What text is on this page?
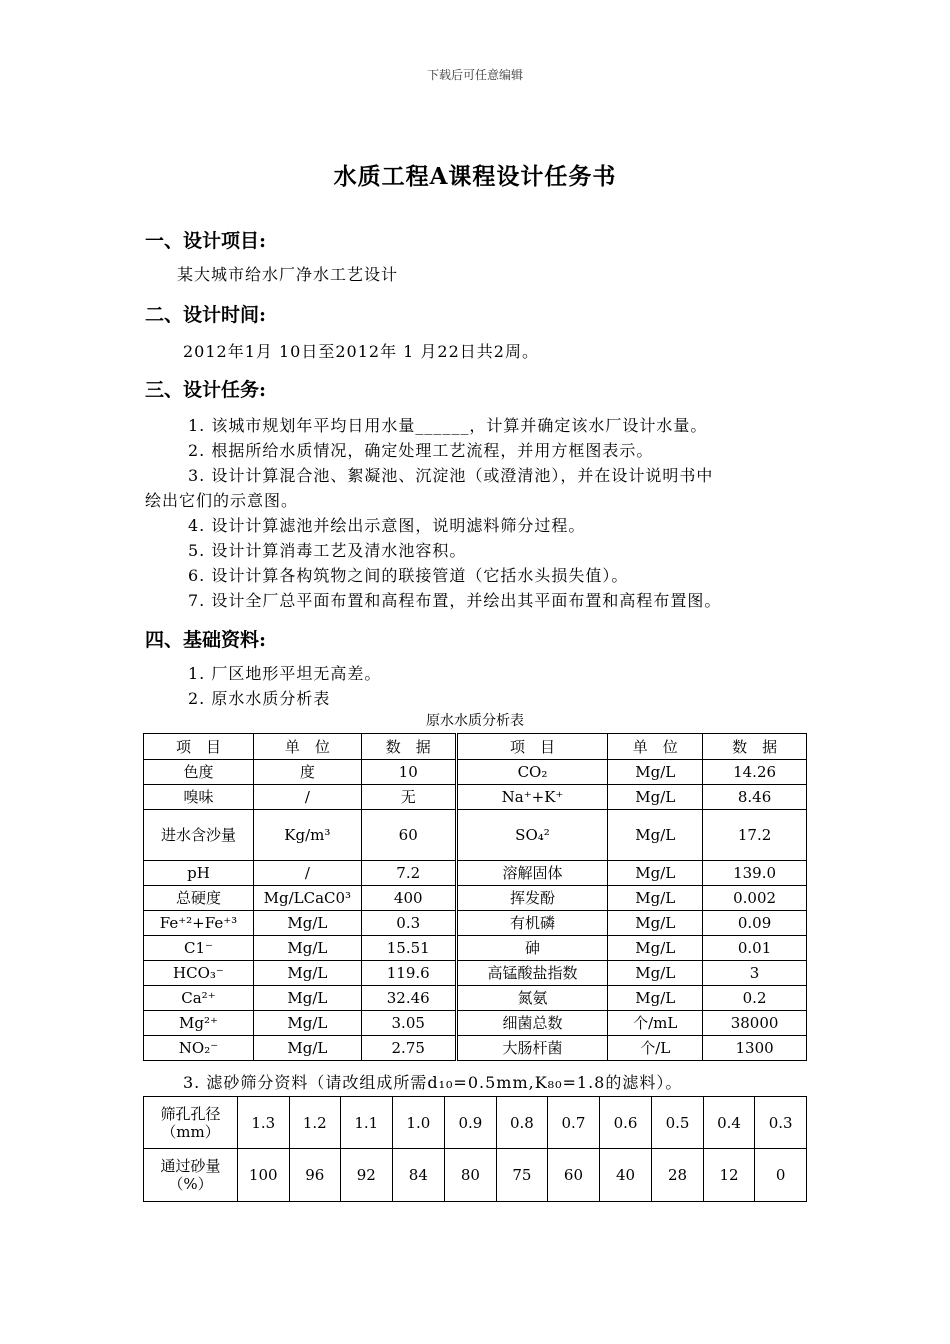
下载后可任意编辑
水质工程A课程设计任务书
一、设计项目:
某大城市给水厂净水工艺设计
二、设计时间:
2012年1月 10日至2012年 1 月22日共2周。
三、设计任务:
1. 该城市规划年平均日用水量______，计算并确定该水厂设计水量。
2. 根据所给水质情况，确定处理工艺流程，并用方框图表示。
3. 设计计算混合池、絮凝池、沉淀池（或澄清池），并在设计说明书中
绘出它们的示意图。
4. 设计计算滤池并绘出示意图，说明滤料筛分过程。
5. 设计计算消毒工艺及清水池容积。
6. 设计计算各构筑物之间的联接管道（它括水头损失值）。
7. 设计全厂总平面布置和高程布置，并绘出其平面布置和高程布置图。
四、基础资料:
1. 厂区地形平坦无高差。
2. 原水水质分析表
原水水质分析表
项　目	单　位	数　据	项　目	单　位	数　据
色度	度	10	CO₂	Mg/L	14.26
嗅味	/	无	Na⁺+K⁺	Mg/L	8.46
进水含沙量	Kg/m³	60	SO₄²	Mg/L	17.2
pH	/	7.2	溶解固体	Mg/L	139.0
总硬度	Mg/LCaC0³	400	挥发酚	Mg/L	0.002
Fe⁺²+Fe⁺³	Mg/L	0.3	有机磷	Mg/L	0.09
C1⁻	Mg/L	15.51	砷	Mg/L	0.01
HCO₃⁻	Mg/L	119.6	高锰酸盐指数	Mg/L	3
Ca²⁺	Mg/L	32.46	氮氨	Mg/L	0.2
Mg²⁺	Mg/L	3.05	细菌总数	个/mL	38000
NO₂⁻	Mg/L	2.75	大肠杆菌	个/L	1300
3. 滤砂筛分资料（请改组成所需d₁₀=0.5mm,K₈₀=1.8的滤料）。
筛孔孔径（mm）	1.3	1.2	1.1	1.0	0.9	0.8	0.7	0.6	0.5	0.4	0.3
通过砂量（%）	100	96	92	84	80	75	60	40	28	12	0
